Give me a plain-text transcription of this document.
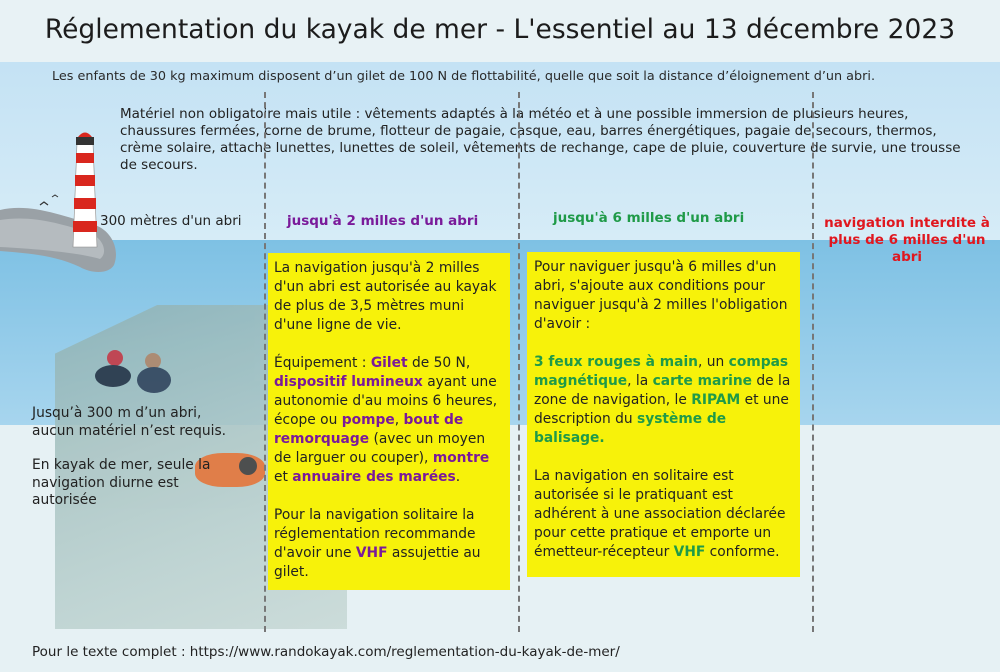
Réglementation du kayak de mer - L'essentiel au 13 décembre 2023
Les enfants de 30 kg maximum disposent d’un gilet de 100 N de flottabilité, quelle que soit la distance d’éloignement d’un abri.
Matériel non obligatoire mais utile : vêtements adaptés à la météo et à une possible immersion de plusieurs heures, chaussures fermées, corne de brume, flotteur de pagaie, casque, eau, barres énergétiques, pagaie de secours, thermos, crème solaire, attache lunettes, lunettes de soleil, vêtements de rechange, cape de pluie, couverture de survie, une trousse de secours.
300 mètres d'un abri	jusqu'à 2 milles d'un abri	jusqu'à 6 milles d'un abri	navigation interdite à plus de 6 milles d'un abri

La navigation jusqu'à 2 milles d'un abri est autorisée au kayak de plus de 3,5 mètres muni d'une ligne de vie.

Équipement : Gilet de 50 N, dispositif lumineux ayant une autonomie d'au moins 6 heures, écope ou pompe, bout de remorquage (avec un moyen de larguer ou couper), montre et annuaire des marées.

Pour la navigation solitaire la réglementation recommande d'avoir une VHF assujettie au gilet.

Pour naviguer jusqu'à 6 milles d'un abri, s'ajoute aux conditions pour naviguer jusqu'à 2 milles l'obligation d'avoir :

3 feux rouges à main, un compas magnétique, la carte marine de la zone de navigation, le RIPAM et une description du système de balisage.

La navigation en solitaire est autorisée si le pratiquant est adhérent à une association déclarée pour cette pratique et emporte un émetteur-récepteur VHF conforme.

Jusqu’à 300 m d’un abri, aucun matériel n’est requis.

En kayak de mer, seule la navigation diurne est autorisée

Pour le texte complet : https://www.randokayak.com/reglementation-du-kayak-de-mer/
